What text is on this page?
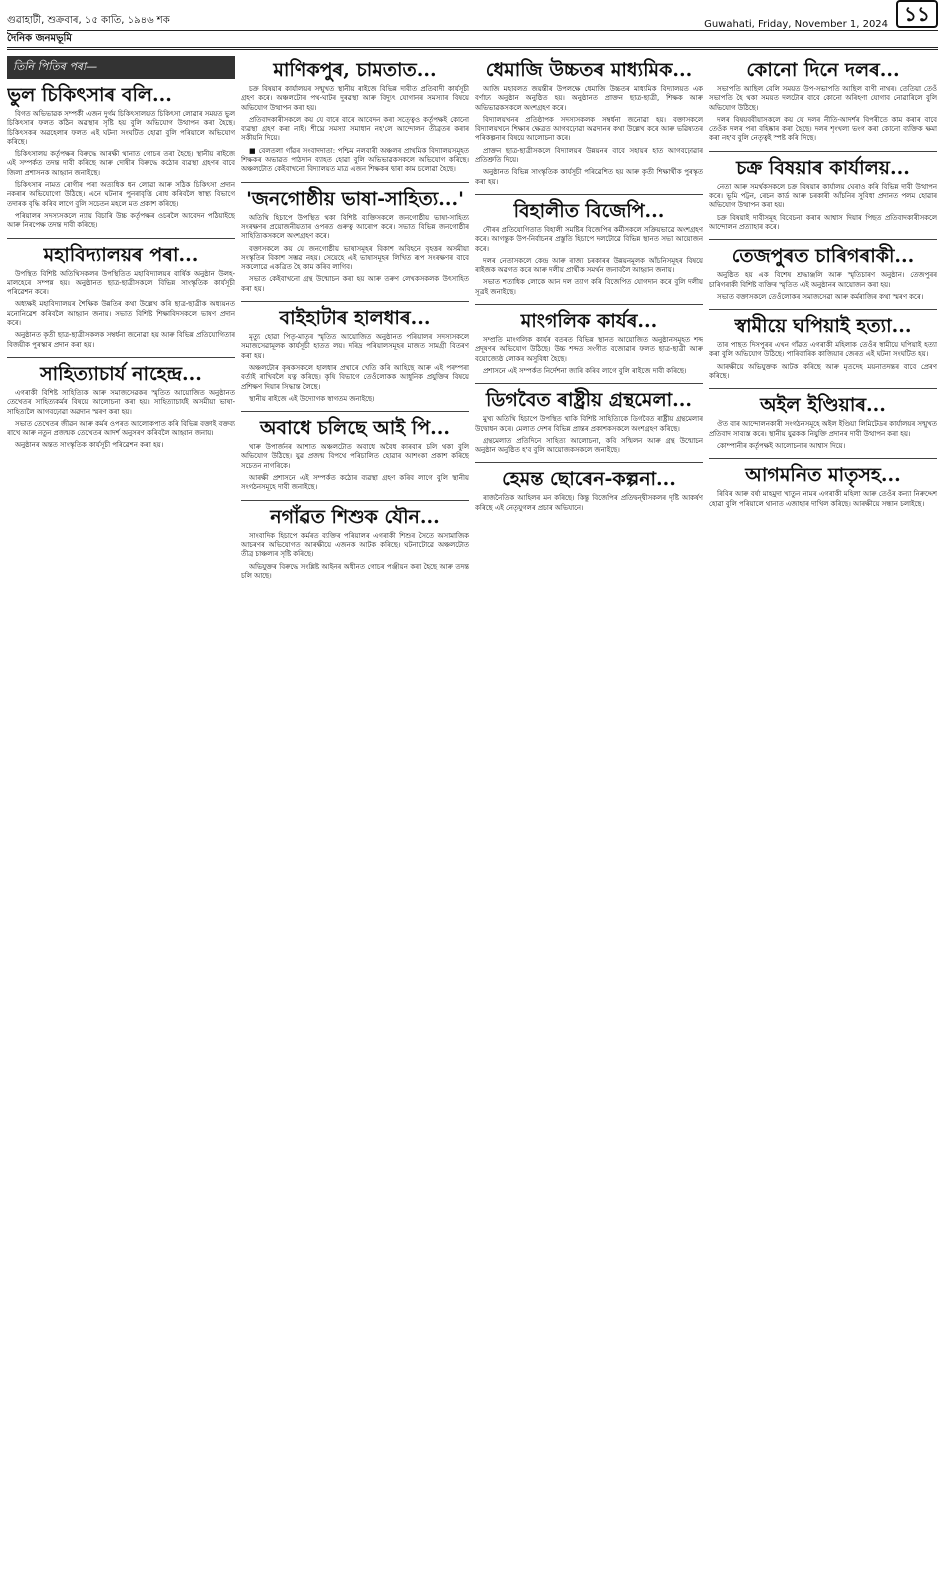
গুৱাহাটী, শুক্ৰবাৰ, ১৫ কাতি, ১৯৪৬ শক	Guwahati, Friday, November 1, 2024 ১১
দৈনিক জনমভূমি
তিনি পিতিৰ পৰা—
ভুল চিকিৎসাৰ বলি...

বিগত অভিভাৱক সম্পৰ্কী এজন দুৰ্গম চিকিৎসালয়ত চিকিৎসা লোৱাৰ সময়ত ভুল চিকিৎসাৰ ফলত কঠিন অৱস্থাৰ সৃষ্টি হয় বুলি অভিযোগ উত্থাপন কৰা হৈছে। চিকিৎসকৰ অৱহেলাৰ ফলত এই ঘটনা সংঘটিত হোৱা বুলি পৰিয়ালে অভিযোগ কৰিছে।

চিকিৎসালয় কৰ্তৃপক্ষৰ বিৰুদ্ধে আৰক্ষী থানাত গোচৰ তৰা হৈছে। স্থানীয় ৰাইজে এই সম্পৰ্কত তদন্ত দাবী কৰিছে আৰু দোষীৰ বিৰুদ্ধে কঠোৰ ব্যৱস্থা গ্ৰহণৰ বাবে জিলা প্ৰশাসনক আহ্বান জনাইছে।

চিকিৎসাৰ নামত ৰোগীৰ পৰা অত্যধিক ধন লোৱা আৰু সঠিক চিকিৎসা প্ৰদান নকৰাৰ অভিযোগো উঠিছে। এনে ঘটনাৰ পুনৰাবৃত্তি ৰোধ কৰিবলৈ স্বাস্থ্য বিভাগে তদাৰক বৃদ্ধি কৰিব লাগে বুলি সচেতন মহলে মত প্ৰকাশ কৰিছে।

পৰিয়ালৰ সদস্যসকলে ন্যায় বিচাৰি উচ্চ কৰ্তৃপক্ষৰ ওচৰলৈ আবেদন পঠিয়াইছে আৰু নিৰপেক্ষ তদন্ত দাবী কৰিছে।

মহাবিদ্যালয়ৰ পৰা...

উপস্থিত বিশিষ্ট অতিথিসকলৰ উপস্থিতিত মহাবিদ্যালয়ৰ বাৰ্ষিক অনুষ্ঠান উলহ-মালহেৰে সম্পন্ন হয়। অনুষ্ঠানত ছাত্ৰ-ছাত্ৰীসকলে বিভিন্ন সাংস্কৃতিক কাৰ্যসূচী পৰিৱেশন কৰে।

অধ্যক্ষই মহাবিদ্যালয়ৰ শৈক্ষিক উন্নতিৰ কথা উল্লেখ কৰি ছাত্ৰ-ছাত্ৰীক অধ্যয়নত মনোনিৱেশ কৰিবলৈ আহ্বান জনায়। সভাত বিশিষ্ট শিক্ষাবিদসকলে ভাষণ প্ৰদান কৰে।

অনুষ্ঠানত কৃতী ছাত্ৰ-ছাত্ৰীসকলক সম্বৰ্ধনা জনোৱা হয় আৰু বিভিন্ন প্ৰতিযোগিতাৰ বিজয়ীক পুৰস্কাৰ প্ৰদান কৰা হয়।

সাহিত্যাচাৰ্য নাহেন্দ্ৰ...

এগৰাকী বিশিষ্ট সাহিত্যিক আৰু সমাজসেৱকৰ স্মৃতিত আয়োজিত অনুষ্ঠানত তেখেতৰ সাহিত্যকৰ্মৰ বিষয়ে আলোচনা কৰা হয়। সাহিত্যাচাৰ্যই অসমীয়া ভাষা-সাহিত্যলৈ আগবঢ়োৱা অৱদান স্মৰণ কৰা হয়।

সভাত তেখেতৰ জীৱন আৰু কৰ্মৰ ওপৰত আলোকপাত কৰি বিভিন্ন বক্তাই বক্তব্য ৰাখে আৰু নতুন প্ৰজন্মক তেখেতৰ আদৰ্শ অনুসৰণ কৰিবলৈ আহ্বান জনায়।

অনুষ্ঠানৰ অন্তত সাংস্কৃতিক কাৰ্যসূচী পৰিৱেশন কৰা হয়।

মাণিকপুৰ, চামতাত...

চক্ৰ বিষয়াৰ কাৰ্যালয়ৰ সন্মুখত স্থানীয় ৰাইজে বিভিন্ন দাবীত প্ৰতিবাদী কাৰ্যসূচী গ্ৰহণ কৰে। অঞ্চলটোৰ পথ-ঘাটৰ দুৰৱস্থা আৰু বিদ্যুৎ যোগানৰ সমস্যাৰ বিষয়ে অভিযোগ উত্থাপন কৰা হয়।

প্ৰতিবাদকাৰীসকলে কয় যে বাৰে বাৰে আবেদন কৰা সত্ত্বেও কৰ্তৃপক্ষই কোনো ব্যৱস্থা গ্ৰহণ কৰা নাই। শীঘ্ৰে সমস্যা সমাধান নহ'লে আন্দোলন তীব্ৰতৰ কৰাৰ সকীয়নি দিয়ে।

■ বেলতলা গাঁৱৰ সংবাদদাতা: পশ্চিম নলবাৰী অঞ্চলৰ প্ৰাথমিক বিদ্যালয়সমূহত শিক্ষকৰ অভাৱত পাঠদান ব্যাহত হোৱা বুলি অভিভাৱকসকলে অভিযোগ কৰিছে। অঞ্চলটোত কেইবাখনো বিদ্যালয়ত মাত্ৰ এজন শিক্ষকৰ দ্বাৰা কাম চলোৱা হৈছে।

'জনগোষ্ঠীয় ভাষা-সাহিত্য...'

অতিথি হিচাপে উপস্থিত থকা বিশিষ্ট ব্যক্তিসকলে জনগোষ্ঠীয় ভাষা-সাহিত্য সংৰক্ষণৰ প্ৰয়োজনীয়তাৰ ওপৰত গুৰুত্ব আৰোপ কৰে। সভাত বিভিন্ন জনগোষ্ঠীৰ সাহিত্যিকসকলে অংশগ্ৰহণ কৰে।

বক্তাসকলে কয় যে জনগোষ্ঠীয় ভাষাসমূহৰ বিকাশ অবিহনে বৃহত্তৰ অসমীয়া সংস্কৃতিৰ বিকাশ সম্ভৱ নহয়। সেয়েহে এই ভাষাসমূহৰ লিখিত ৰূপ সংৰক্ষণৰ বাবে সকলোৱে একত্ৰিত হৈ কাম কৰিব লাগিব।

সভাত কেইবাখনো গ্ৰন্থ উন্মোচন কৰা হয় আৰু তৰুণ লেখকসকলক উৎসাহিত কৰা হয়।

বাইহাটাৰ হালধাৰ...

মৃত্যু হোৱা পিতৃ-মাতৃৰ স্মৃতিত আয়োজিত অনুষ্ঠানত পৰিয়ালৰ সদস্যসকলে সমাজসেৱামূলক কাৰ্যসূচী হাতত লয়। দৰিদ্ৰ পৰিয়ালসমূহৰ মাজত সামগ্ৰী বিতৰণ কৰা হয়।

অঞ্চলটোৰ কৃষকসকলে হালধাৰ প্ৰথাৰে খেতি কৰি আহিছে আৰু এই পৰম্পৰা বৰ্তাই ৰাখিবলৈ যত্ন কৰিছে। কৃষি বিভাগে তেওঁলোকক আধুনিক প্ৰযুক্তিৰ বিষয়ে প্ৰশিক্ষণ দিয়াৰ সিদ্ধান্ত লৈছে।

স্থানীয় ৰাইজে এই উদ্যোগক স্বাগতম জনাইছে।

অবাধে চলিছে আই পি...

খাৰু উপাৰ্জনৰ আশাত অঞ্চলটোত অবাধে অবৈধ কাৰবাৰ চলি থকা বুলি অভিযোগ উঠিছে। যুৱ প্ৰজন্ম বিপথে পৰিচালিত হোৱাৰ আশংকা প্ৰকাশ কৰিছে সচেতন নাগৰিকে।

আৰক্ষী প্ৰশাসনে এই সম্পৰ্কত কঠোৰ ব্যৱস্থা গ্ৰহণ কৰিব লাগে বুলি স্থানীয় সংগঠনসমূহে দাবী জনাইছে।

নগাঁৱত শিশুক যৌন...

সাংবাদিক হিচাপে কৰ্মৰত ব্যক্তিৰ পৰিয়ালৰ এগৰাকী শিশুৰ সৈতে অসামাজিক আচৰণৰ অভিযোগত আৰক্ষীয়ে এজনক আটক কৰিছে। ঘটনাটোৱে অঞ্চলটোত তীব্ৰ চাঞ্চল্যৰ সৃষ্টি কৰিছে।

অভিযুক্তৰ বিৰুদ্ধে সংশ্লিষ্ট আইনৰ অধীনত গোচৰ পঞ্জীয়ন কৰা হৈছে আৰু তদন্ত চলি আছে।

ধেমাজি উচ্চতৰ মাধ্যমিক...

আজি মহাবলত জয়ন্তীৰ উপলক্ষে ধেমাজি উচ্চতৰ মাধ্যমিক বিদ্যালয়ত এক বৰ্ণাঢ্য অনুষ্ঠান অনুষ্ঠিত হয়। অনুষ্ঠানত প্ৰাক্তন ছাত্ৰ-ছাত্ৰী, শিক্ষক আৰু অভিভাৱকসকলে অংশগ্ৰহণ কৰে।

বিদ্যালয়খনৰ প্ৰতিষ্ঠাপক সদস্যসকলক সম্বৰ্ধনা জনোৱা হয়। বক্তাসকলে বিদ্যালয়খনে শিক্ষাৰ ক্ষেত্ৰত আগবঢ়োৱা অৱদানৰ কথা উল্লেখ কৰে আৰু ভৱিষ্যতৰ পৰিকল্পনাৰ বিষয়ে আলোচনা কৰে।

প্ৰাক্তন ছাত্ৰ-ছাত্ৰীসকলে বিদ্যালয়ৰ উন্নয়নৰ বাবে সহায়ৰ হাত আগবঢ়োৱাৰ প্ৰতিশ্ৰুতি দিয়ে।

অনুষ্ঠানত বিভিন্ন সাংস্কৃতিক কাৰ্যসূচী পৰিৱেশিত হয় আৰু কৃতী শিক্ষাৰ্থীক পুৰস্কৃত কৰা হয়।

বিহালীত বিজেপি...

দৌৰৰ প্ৰতিযোগিতাত বিহালী সমষ্টিৰ বিজেপিৰ কৰ্মীসকলে সক্ৰিয়ভাৱে অংশগ্ৰহণ কৰে। আগন্তুক উপ-নিৰ্বাচনৰ প্ৰস্তুতি হিচাপে দলটোৱে বিভিন্ন স্থানত সভা আয়োজন কৰে।

দলৰ নেতাসকলে কেন্দ্ৰ আৰু ৰাজ্য চৰকাৰৰ উন্নয়নমূলক আঁচনিসমূহৰ বিষয়ে ৰাইজক অৱগত কৰে আৰু দলীয় প্ৰাৰ্থীক সমৰ্থন জনাবলৈ আহ্বান জনায়।

সভাত শতাধিক লোকে আন দল ত্যাগ কৰি বিজেপিত যোগদান কৰে বুলি দলীয় সূত্ৰই জনাইছে।

মাংগলিক কাৰ্যৰ...

সম্প্ৰতি মাংগলিক কাৰ্যৰ বতৰত বিভিন্ন স্থানত আয়োজিত অনুষ্ঠানসমূহত শব্দ প্ৰদূষণৰ অভিযোগ উঠিছে। উচ্চ শব্দত সংগীত বজোৱাৰ ফলত ছাত্ৰ-ছাত্ৰী আৰু বয়োজ্যেষ্ঠ লোকৰ অসুবিধা হৈছে।

প্ৰশাসনে এই সম্পৰ্কত নিৰ্দেশনা জাৰি কৰিব লাগে বুলি ৰাইজে দাবী কৰিছে।

ডিগবৈত ৰাষ্ট্ৰীয় গ্ৰন্থমেলা...

মুখ্য অতিথি হিচাপে উপস্থিত থাকি বিশিষ্ট সাহিত্যিকে ডিগবৈত ৰাষ্ট্ৰীয় গ্ৰন্থমেলাৰ উদ্বোধন কৰে। মেলাত দেশৰ বিভিন্ন প্ৰান্তৰ প্ৰকাশকসকলে অংশগ্ৰহণ কৰিছে।

গ্ৰন্থমেলাত প্ৰতিদিনে সাহিত্য আলোচনা, কবি সন্মিলন আৰু গ্ৰন্থ উন্মোচন অনুষ্ঠান অনুষ্ঠিত হ'ব বুলি আয়োজকসকলে জনাইছে।

হেমন্ত ছোৰেন-কল্পনা...

ৰাজনৈতিক আহিলৰ মন কৰিছে। কিন্তু বিজেপিৰ প্ৰতিদ্বন্দ্বীসকলৰ দৃষ্টি আকৰ্ষণ কৰিছে এই নেতৃযুগলৰ প্ৰচাৰ অভিযানে।

কোনো দিনে দলৰ...

সভাপতি আছিল বেলি সময়ত উপ-সভাপতি আছিল বাণী নাথৰ। তেতিয়া তেওঁ সভাপতি হৈ থকা সময়ত দলটোৰ বাবে কোনো অৰিহণা যোগাব নোৱাৰিলে বুলি অভিযোগ উঠিছে।

দলৰ বিষয়ববীয়াসকলে কয় যে দলৰ নীতি-আদৰ্শৰ বিপৰীতে কাম কৰাৰ বাবে তেওঁক দলৰ পৰা বহিষ্কাৰ কৰা হৈছে। দলৰ শৃংখলা ভংগ কৰা কোনো ব্যক্তিক ক্ষমা কৰা নহ'ব বুলি নেতৃত্বই স্পষ্ট কৰি দিছে।

চক্ৰ বিষয়াৰ কাৰ্যালয়...

নেতা আৰু সমৰ্থকসকলে চক্ৰ বিষয়াৰ কাৰ্যালয় ঘেৰাও কৰি বিভিন্ন দাবী উত্থাপন কৰে। ভূমি পট্টন, ৰেচন কাৰ্ড আৰু চৰকাৰী আঁচনিৰ সুবিধা প্ৰদানত পলম হোৱাৰ অভিযোগ উত্থাপন কৰা হয়।

চক্ৰ বিষয়াই দাবীসমূহ বিবেচনা কৰাৰ আশ্বাস দিয়াৰ পিছত প্ৰতিবাদকাৰীসকলে আন্দোলন প্ৰত্যাহাৰ কৰে।

তেজপুৰত চাৰিগৰাকী...

অনুষ্ঠিত হয় এক বিশেষ শ্ৰদ্ধাঞ্জলি আৰু স্মৃতিচাৰণ অনুষ্ঠান। তেজপুৰৰ চাৰিগৰাকী বিশিষ্ট ব্যক্তিৰ স্মৃতিত এই অনুষ্ঠানৰ আয়োজন কৰা হয়।

সভাত বক্তাসকলে তেওঁলোকৰ সমাজসেৱা আৰু কৰ্মৰাজিৰ কথা স্মৰণ কৰে।

স্বামীয়ে ঘপিয়াই হত্যা...

তাৰ পাছত দিসপুৰৰ এখন গাঁৱত এগৰাকী মহিলাক তেওঁৰ স্বামীয়ে ঘপিয়াই হত্যা কৰা বুলি অভিযোগ উঠিছে। পাৰিবাৰিক কাজিয়াৰ জেৰত এই ঘটনা সংঘটিত হয়।

আৰক্ষীয়ে অভিযুক্তক আটক কৰিছে আৰু মৃতদেহ ময়নাতদন্তৰ বাবে প্ৰেৰণ কৰিছে।

অইল ইণ্ডিয়াৰ...

ঔত বাৰ আন্দোলনকাৰী সংগঠনসমূহে অইল ইণ্ডিয়া লিমিটেডৰ কাৰ্যালয়ৰ সন্মুখত প্ৰতিবাদ সাব্যস্ত কৰে। স্থানীয় যুৱকক নিযুক্তি প্ৰদানৰ দাবী উত্থাপন কৰা হয়।

কোম্পানীৰ কৰ্তৃপক্ষই আলোচনাৰ আশ্বাস দিয়ে।

আগমনিত মাতৃসহ...

ৰিবিৰ আৰু বৰ্ষা মাহমুদা খাতুন নামৰ এগৰাকী মহিলা আৰু তেওঁৰ কন্যা নিৰুদ্দেশ হোৱা বুলি পৰিয়ালে থানাত এজাহাৰ দাখিল কৰিছে। আৰক্ষীয়ে সন্ধান চলাইছে।
